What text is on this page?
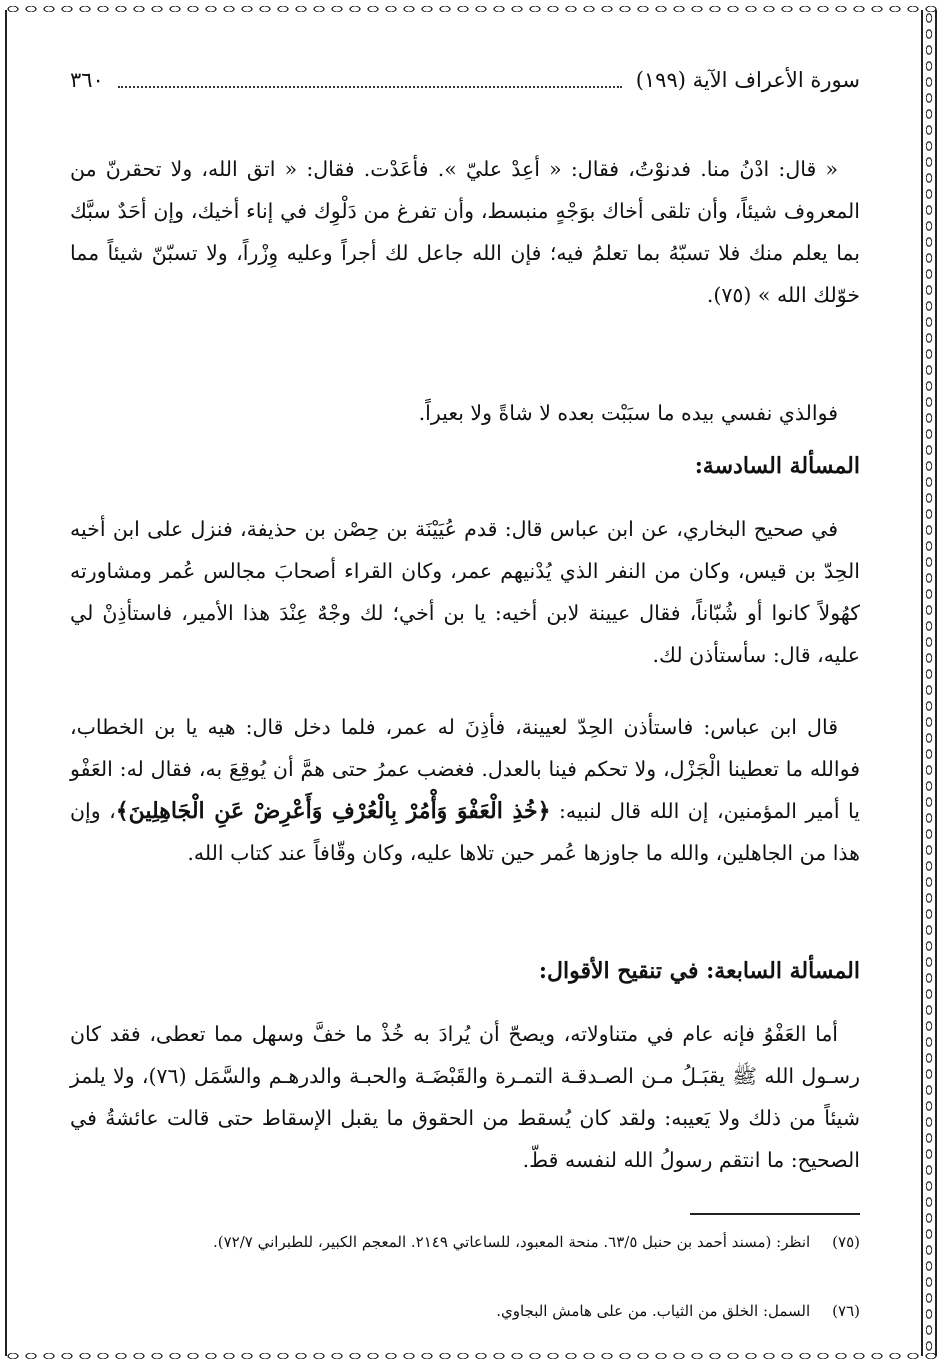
سورة الأعراف الآية (١٩٩)
٣٦٠

« قال: ادْنُ منا. فدنوْتُ، فقال: « أعِدْ عليّ ». فأعَدْت. فقال: « اتق الله، ولا تحقرنّ من المعروف شيئاً، وأن تلقى أخاك بوَجْهٍ منبسط، وأن تفرغ من دَلْوِك في إناء أخيك، وإن أحَدٌ سبَّك بما يعلم منك فلا تسبّهُ بما تعلمُ فيه؛ فإن الله جاعل لك أجراً وعليه وِزْراً، ولا تسبّنّ شيئاً مما خوّلك الله » (٧٥).

فوالذي نفسي بيده ما سبَبْت بعده لا شاةً ولا بعيراً.

المسألة السادسة:

في صحيح البخاري، عن ابن عباس قال: قدم عُيَيْنَة بن حِصْن بن حذيفة، فنزل على ابن أخيه الحِدّ بن قيس، وكان من النفر الذي يُدْنيهم عمر، وكان القراء أصحابَ مجالس عُمر ومشاورته كهُولاً كانوا أو شُبّاناً، فقال عيينة لابن أخيه: يا بن أخي؛ لك وجْهٌ عِنْدَ هذا الأمير، فاستأذِنْ لي عليه، قال: سأستأذن لك.

قال ابن عباس: فاستأذن الحِدّ لعيينة، فأذِنَ له عمر، فلما دخل قال: هيه يا بن الخطاب، فوالله ما تعطينا الْجَزْل، ولا تحكم فينا بالعدل. فغضب عمرُ حتى همَّ أن يُوقِعَ به، فقال له: العَفْو يا أمير المؤمنين، إن الله قال لنبيه: ﴿خُذِ الْعَفْوَ وَأْمُرْ بِالْعُرْفِ وَأَعْرِضْ عَنِ الْجَاهِلِينَ﴾، وإن هذا من الجاهلين، والله ما جاوزها عُمر حين تلاها عليه، وكان وقّافاً عند كتاب الله.

المسألة السابعة: في تنقيح الأقوال:

أما العَفْوُ فإنه عام في متناولاته، ويصحّ أن يُرادَ به خُذْ ما خفَّ وسهل مما تعطى، فقد كان رسـول الله ﷺ يقبَـلُ مـن الصـدقـة التمـرة والقَبْضَـة والحبـة والدرهـم والسَّمَل (٧٦)، ولا يلمز شيئاً من ذلك ولا يَعيبه: ولقد كان يُسقط من الحقوق ما يقبل الإسقاط حتى قالت عائشةُ في الصحيح: ما انتقم رسولُ الله لنفسه قطّ.

(٧٥)انظر: (مسند أحمد بن حنبل ٦٣/٥. منحة المعبود، للساعاتي ٢١٤٩. المعجم الكبير، للطبراني ٧٢/٧).

(٧٦)السمل: الخلق من الثياب. من على هامش البجاوي.
